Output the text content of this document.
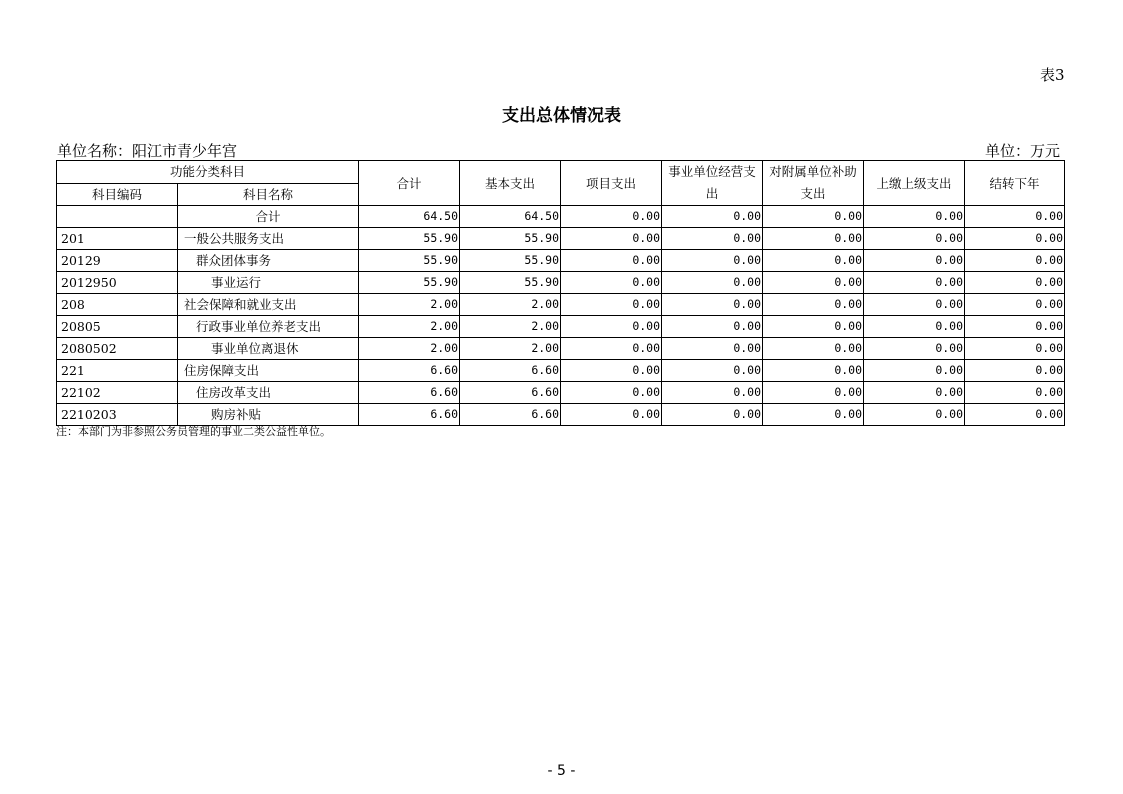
表3
支出总体情况表
单位名称：阳江市青少年宫	单位：万元
功能分类科目		合计	基本支出	项目支出	事业单位经营支出	对附属单位补助支出	上缴上级支出	结转下年
科目编码	科目名称							
	合计	64.50	64.50	0.00	0.00	0.00	0.00	0.00
201	一般公共服务支出	55.90	55.90	0.00	0.00	0.00	0.00	0.00
20129	群众团体事务	55.90	55.90	0.00	0.00	0.00	0.00	0.00
2012950	事业运行	55.90	55.90	0.00	0.00	0.00	0.00	0.00
208	社会保障和就业支出	2.00	2.00	0.00	0.00	0.00	0.00	0.00
20805	行政事业单位养老支出	2.00	2.00	0.00	0.00	0.00	0.00	0.00
2080502	事业单位离退休	2.00	2.00	0.00	0.00	0.00	0.00	0.00
221	住房保障支出	6.60	6.60	0.00	0.00	0.00	0.00	0.00
22102	住房改革支出	6.60	6.60	0.00	0.00	0.00	0.00	0.00
2210203	购房补贴	6.60	6.60	0.00	0.00	0.00	0.00	0.00
注：本部门为非参照公务员管理的事业二类公益性单位。
- 5 -
